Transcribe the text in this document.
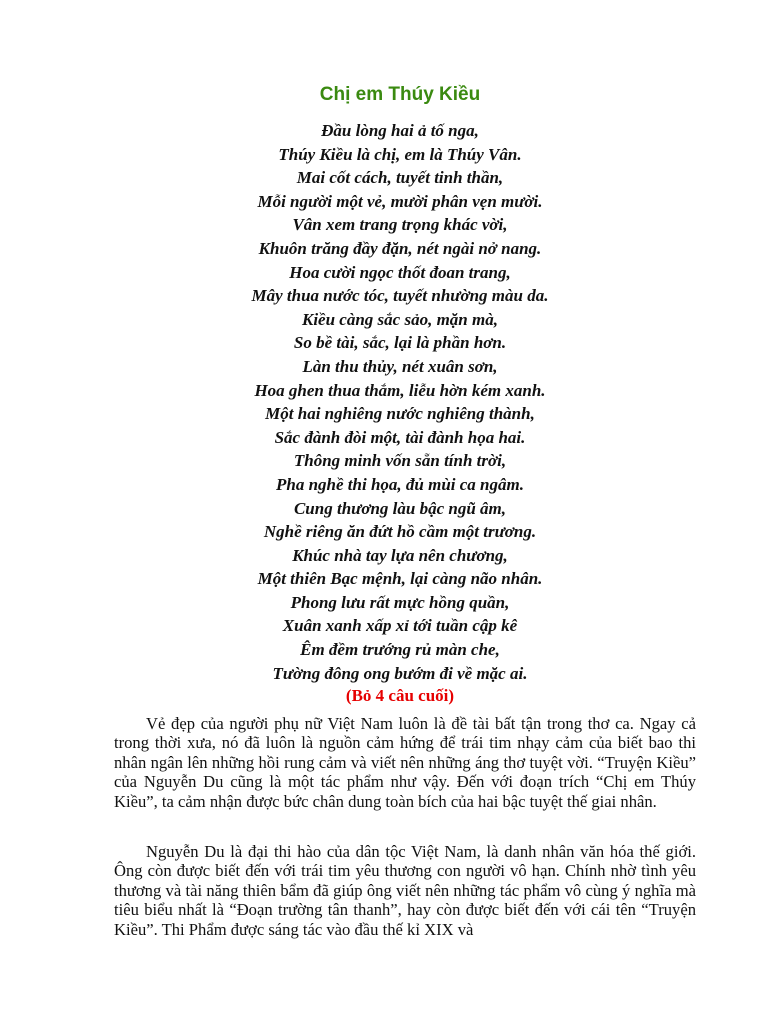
Chị em Thúy Kiều
Đầu lòng hai ả tố nga,
Thúy Kiều là chị, em là Thúy Vân.
Mai cốt cách, tuyết tinh thần,
Mỗi người một vẻ, mười phân vẹn mười.
Vân xem trang trọng khác vời,
Khuôn trăng đầy đặn, nét ngài nở nang.
Hoa cười ngọc thốt đoan trang,
Mây thua nước tóc, tuyết nhường màu da.
Kiều càng sắc sảo, mặn mà,
So bề tài, sắc, lại là phần hơn.
Làn thu thủy, nét xuân sơn,
Hoa ghen thua thắm, liễu hờn kém xanh.
Một hai nghiêng nước nghiêng thành,
Sắc đành đòi một, tài đành họa hai.
Thông minh vốn sẵn tính trời,
Pha nghề thi họa, đủ mùi ca ngâm.
Cung thương làu bậc ngũ âm,
Nghề riêng ăn đứt hồ cầm một trương.
Khúc nhà tay lựa nên chương,
Một thiên Bạc mệnh, lại càng não nhân.
Phong lưu rất mực hồng quần,
Xuân xanh xấp xỉ tới tuần cập kê
Êm đềm trướng rủ màn che,
Tường đông ong bướm đi về mặc ai.

(Bỏ 4 câu cuối)

Vẻ đẹp của người phụ nữ Việt Nam luôn là đề tài bất tận trong thơ ca. Ngay cả trong thời xưa, nó đã luôn là nguồn cảm hứng để trái tim nhạy cảm của biết bao thi nhân ngân lên những hồi rung cảm và viết nên những áng thơ tuyệt vời. “Truyện Kiều” của Nguyễn Du cũng là một tác phẩm như vậy. Đến với đoạn trích “Chị em Thúy Kiều”, ta cảm nhận được bức chân dung toàn bích của hai bậc tuyệt thế giai nhân.

Nguyễn Du là đại thi hào của dân tộc Việt Nam, là danh nhân văn hóa thế giới. Ông còn được biết đến với trái tim yêu thương con người vô hạn. Chính nhờ tình yêu thương và tài năng thiên bẩm đã giúp ông viết nên những tác phẩm vô cùng ý nghĩa mà tiêu biểu nhất là “Đoạn trường tân thanh”, hay còn được biết đến với cái tên “Truyện Kiều”. Thi Phẩm được sáng tác vào đầu thế kỉ XIX và
